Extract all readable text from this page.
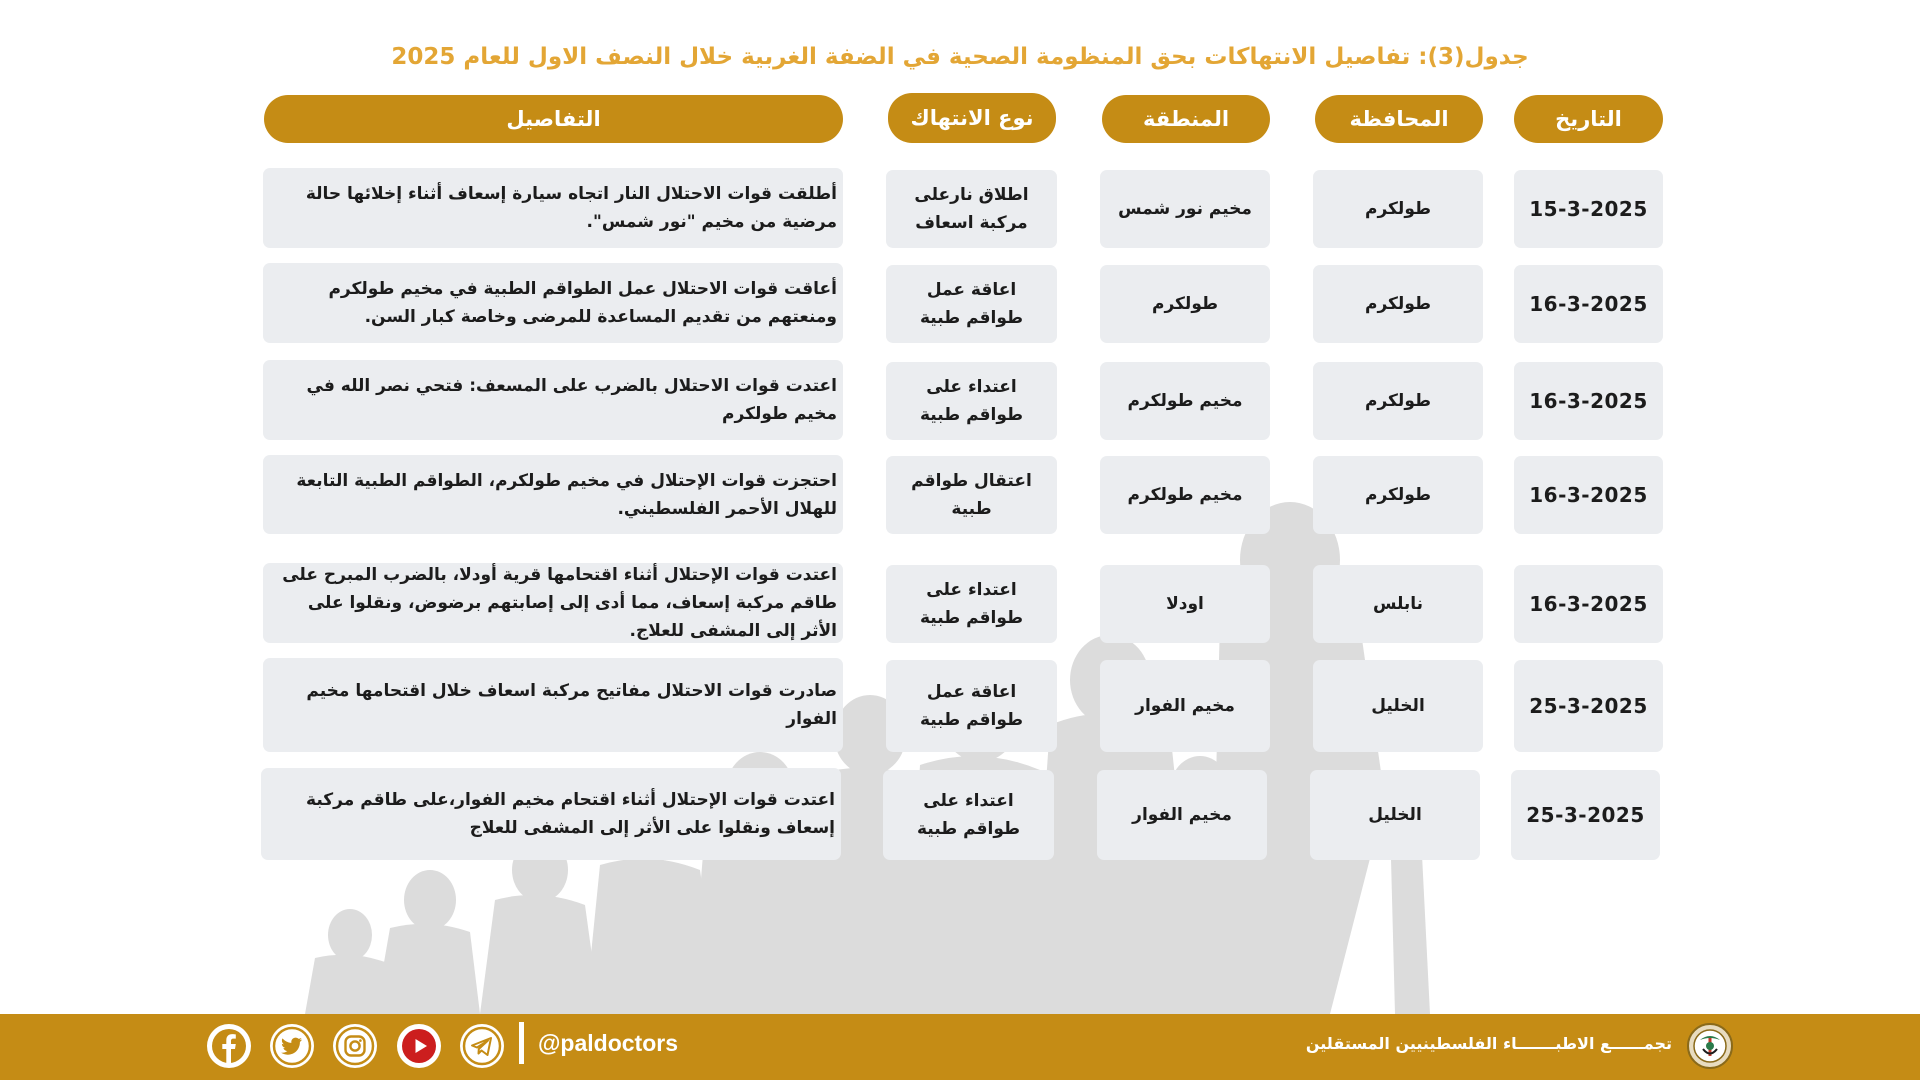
جدول(3): تفاصيل الانتهاكات بحق المنظومة الصحية في الضفة الغربية خلال النصف الاول للعام 2025
التاريخ
المحافظة
المنطقة
نوع الانتهاك
التفاصيل
15-3-2025
طولكرم
مخيم نور شمس
اطلاق نارعلى مركبة اسعاف
أطلقت قوات الاحتلال النار اتجاه سيارة إسعاف أثناء إخلائها حالة مرضية من مخيم "نور شمس".
16-3-2025
طولكرم
طولكرم
اعاقة عمل طواقم طبية
أعاقت قوات الاحتلال عمل الطواقم الطبية في مخيم طولكرم ومنعتهم من تقديم المساعدة للمرضى وخاصة كبار السن.
16-3-2025
طولكرم
مخيم طولكرم
اعتداء على طواقم طبية
اعتدت قوات الاحتلال بالضرب على المسعف: فتحي نصر الله في مخيم طولكرم
16-3-2025
طولكرم
مخيم طولكرم
اعتقال طواقم طبية
احتجزت قوات الإحتلال في مخيم طولكرم، الطواقم الطبية التابعة للهلال الأحمر الفلسطيني.
16-3-2025
نابلس
اودلا
اعتداء على طواقم طبية
اعتدت قوات الإحتلال أثناء اقتحامها قرية أودلا، بالضرب المبرح على طاقم مركبة إسعاف، مما أدى إلى إصابتهم برضوض، ونقلوا على الأثر إلى المشفى للعلاج.
25-3-2025
الخليل
مخيم الفوار
اعاقة عمل طواقم طبية
صادرت قوات الاحتلال مفاتيح مركبة اسعاف خلال اقتحامها مخيم الفوار
25-3-2025
الخليل
مخيم الفوار
اعتداء على طواقم طبية
اعتدت قوات الإحتلال أثناء اقتحام مخيم الفوار،على طاقم مركبة إسعاف ونقلوا على الأثر إلى المشفى للعلاج
@paldoctors	تجمــــــع الاطبـــــــاء الفلسطينيين المستقلين
